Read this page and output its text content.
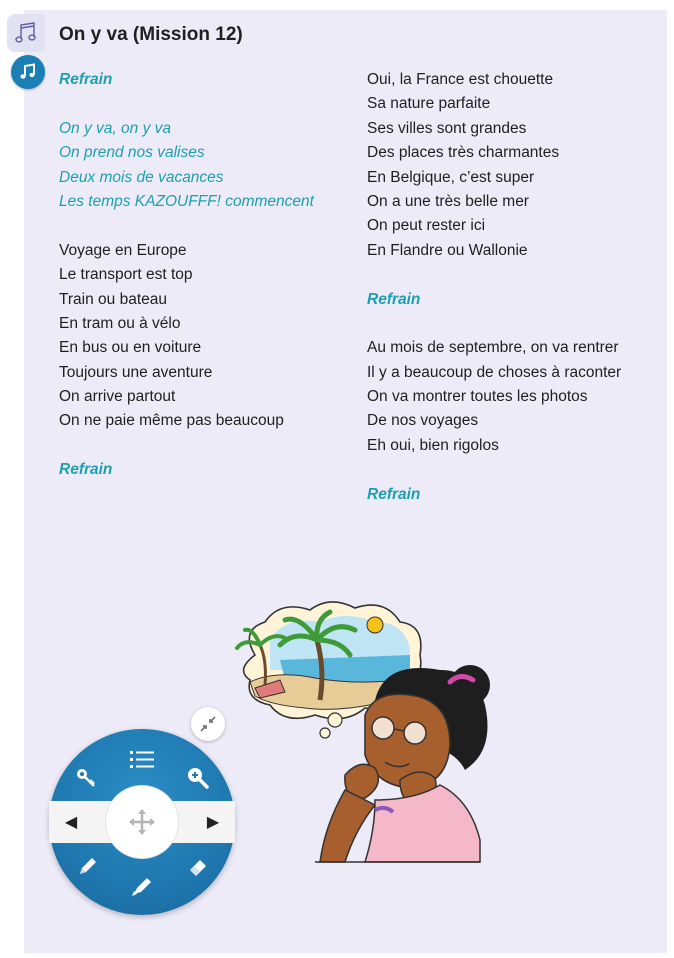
On y va (Mission 12)
Refrain
On y va, on y va
On prend nos valises
Deux mois de vacances
Les temps KAZOUFFF! commencent
Voyage en Europe
Le transport est top
Train ou bateau
En tram ou à vélo
En bus ou en voiture
Toujours une aventure
On arrive partout
On ne paie même pas beaucoup
Refrain
Oui, la France est chouette
Sa nature parfaite
Ses villes sont grandes
Des places très charmantes
En Belgique, c’est super
On a une très belle mer
On peut rester ici
En Flandre ou Wallonie
Refrain
Au mois de septembre, on va rentrer
Il y a beaucoup de choses à raconter
On va montrer toutes les photos
De nos voyages
Eh oui, bien rigolos
Refrain
◀	▶
